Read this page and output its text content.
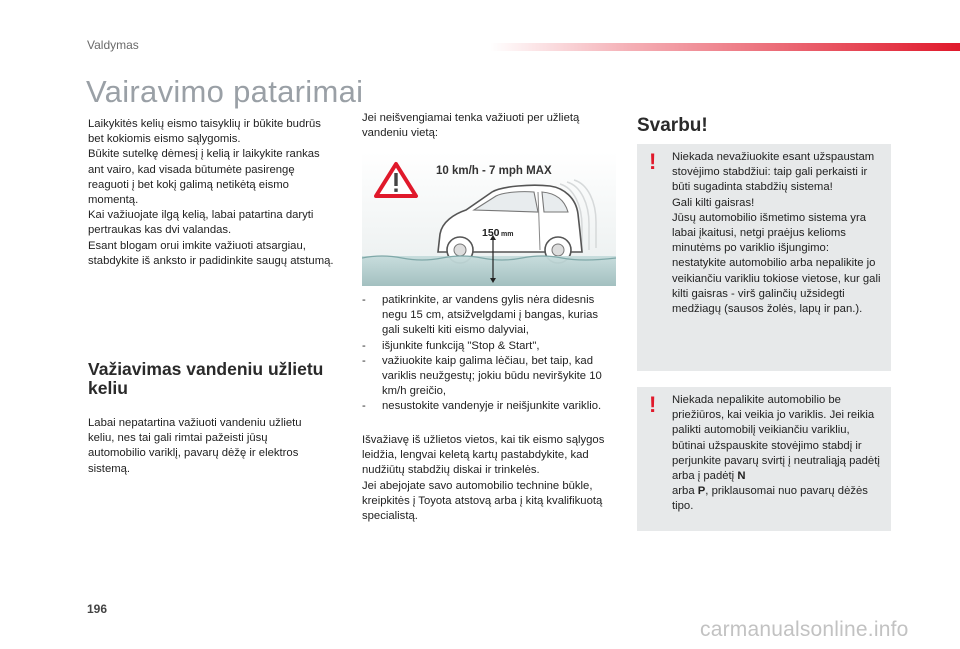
Valdymas
Vairavimo patarimai

Laikykitės kelių eismo taisyklių ir būkite budrūs bet kokiomis eismo sąlygomis.

Būkite sutelkę dėmesį į kelią ir laikykite rankas ant vairo, kad visada būtumėte pasirengę reaguoti į bet kokį galimą netikėtą eismo momentą.

Kai važiuojate ilgą kelią, labai patartina daryti pertraukas kas dvi valandas.

Esant blogam orui imkite važiuoti atsargiau, stabdykite iš anksto ir padidinkite saugų atstumą.

Važiavimas vandeniu užlietu keliu

Labai nepatartina važiuoti vandeniu užlietu keliu, nes tai gali rimtai pažeisti jūsų automobilio variklį, pavarų dėžę ir elektros sistemą.

Jei neišvengiamai tenka važiuoti per užlietą vandeniu vietą:

10 km/h - 7 mph MAX
150 mm
- patikrinkite, ar vandens gylis nėra didesnis negu 15 cm, atsižvelgdami į bangas, kurias gali sukelti kiti eismo dalyviai,
- išjunkite funkciją "Stop & Start",
- važiuokite kaip galima lėčiau, bet taip, kad variklis neužgestų; jokiu būdu neviršykite 10 km/h greičio,
- nesustokite vandenyje ir neišjunkite variklio.

Išvažiavę iš užlietos vietos, kai tik eismo sąlygos leidžia, lengvai keletą kartų pastabdykite, kad nudžiūtų stabdžių diskai ir trinkelės.

Jei abejojate savo automobilio technine būkle, kreipkitės į Toyota atstovą arba į kitą kvalifikuotą specialistą.

Svarbu!
! Niekada nevažiuokite esant užspaustam stovėjimo stabdžiui: taip gali perkaisti ir būti sugadinta stabdžių sistema!

Gali kilti gaisras!

Jūsų automobilio išmetimo sistema yra labai įkaitusi, netgi praėjus kelioms minutėms po variklio išjungimo: nestatykite automobilio arba nepalikite jo veikiančiu varikliu tokiose vietose, kur gali kilti gaisras - virš galinčių užsidegti medžiagų (sausos žolės, lapų ir pan.).

! Niekada nepalikite automobilio be priežiūros, kai veikia jo variklis. Jei reikia palikti automobilį veikiančiu varikliu, būtinai užspauskite stovėjimo stabdį ir perjunkite pavarų svirtį į neutraliąją padėtį arba į padėtį N
arba P, priklausomai nuo pavarų dėžės tipo.

196
carmanualsonline.info
